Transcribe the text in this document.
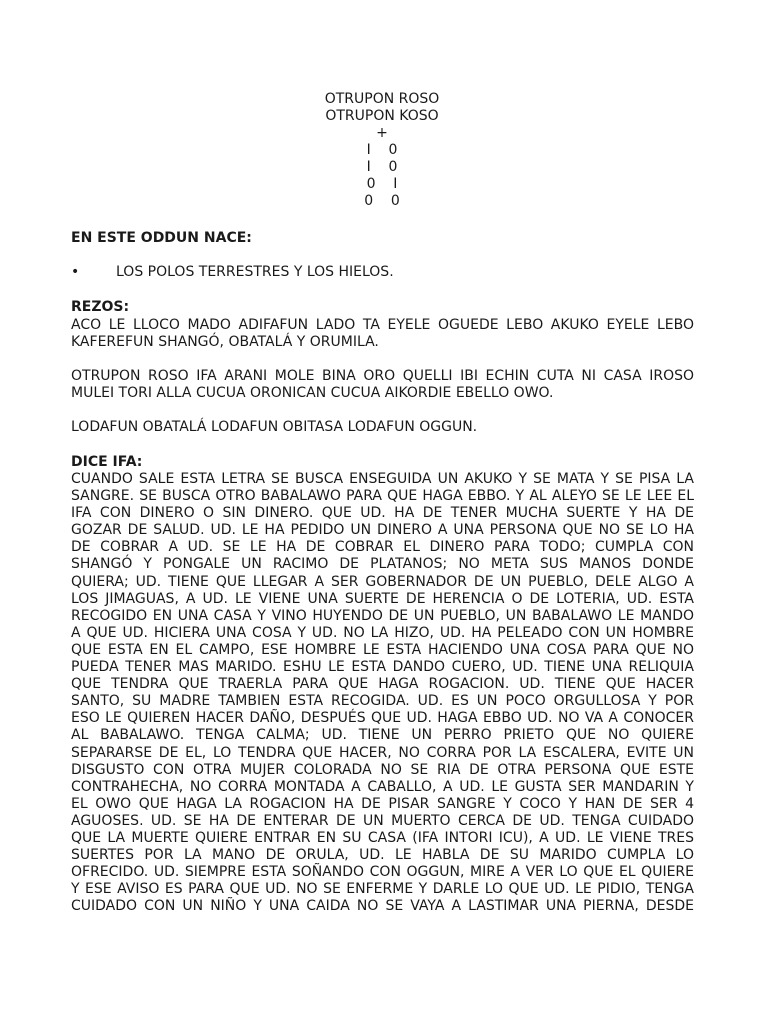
OTRUPON ROSO
OTRUPON KOSO
+
I    0
I    0
0    I
0    0
EN ESTE ODDUN NACE:
•	LOS POLOS TERRESTRES Y LOS HIELOS.
REZOS:
ACO LE LLOCO MADO ADIFAFUN LADO TA EYELE OGUEDE LEBO AKUKO EYELE LEBO
KAFEREFUN SHANGÓ, OBATALÁ Y ORUMILA.
OTRUPON ROSO IFA ARANI MOLE BINA ORO QUELLI IBI ECHIN CUTA NI CASA IROSO
MULEI TORI ALLA CUCUA ORONICAN CUCUA AIKORDIE EBELLO OWO.
LODAFUN OBATALÁ LODAFUN OBITASA LODAFUN OGGUN.
DICE IFA:
CUANDO SALE ESTA LETRA SE BUSCA ENSEGUIDA UN AKUKO Y SE MATA Y SE PISA LA
SANGRE. SE BUSCA OTRO BABALAWO PARA QUE HAGA EBBO. Y AL ALEYO SE LE LEE EL
IFA CON DINERO O SIN DINERO. QUE UD. HA DE TENER MUCHA SUERTE Y HA DE
GOZAR DE SALUD. UD. LE HA PEDIDO UN DINERO A UNA PERSONA QUE NO SE LO HA
DE COBRAR A UD. SE LE HA DE COBRAR EL DINERO PARA TODO; CUMPLA CON
SHANGÓ Y PONGALE UN RACIMO DE PLATANOS; NO META SUS MANOS DONDE
QUIERA; UD. TIENE QUE LLEGAR A SER GOBERNADOR DE UN PUEBLO, DELE ALGO A
LOS JIMAGUAS, A UD. LE VIENE UNA SUERTE DE HERENCIA O DE LOTERIA, UD. ESTA
RECOGIDO EN UNA CASA Y VINO HUYENDO DE UN PUEBLO, UN BABALAWO LE MANDO
A QUE UD. HICIERA UNA COSA Y UD. NO LA HIZO, UD. HA PELEADO CON UN HOMBRE
QUE ESTA EN EL CAMPO, ESE HOMBRE LE ESTA HACIENDO UNA COSA PARA QUE NO
PUEDA TENER MAS MARIDO. ESHU LE ESTA DANDO CUERO, UD. TIENE UNA RELIQUIA
QUE TENDRA QUE TRAERLA PARA QUE HAGA ROGACION. UD. TIENE QUE HACER
SANTO, SU MADRE TAMBIEN ESTA RECOGIDA. UD. ES UN POCO ORGULLOSA Y POR
ESO LE QUIEREN HACER DAÑO, DESPUÉS QUE UD. HAGA EBBO UD. NO VA A CONOCER
AL BABALAWO. TENGA CALMA; UD. TIENE UN PERRO PRIETO QUE NO QUIERE
SEPARARSE DE EL, LO TENDRA QUE HACER, NO CORRA POR LA ESCALERA, EVITE UN
DISGUSTO CON OTRA MUJER COLORADA NO SE RIA DE OTRA PERSONA QUE ESTE
CONTRAHECHA, NO CORRA MONTADA A CABALLO, A UD. LE GUSTA SER MANDARIN Y
EL OWO QUE HAGA LA ROGACION HA DE PISAR SANGRE Y COCO Y HAN DE SER 4
AGUOSES. UD. SE HA DE ENTERAR DE UN MUERTO CERCA DE UD. TENGA CUIDADO
QUE LA MUERTE QUIERE ENTRAR EN SU CASA (IFA INTORI ICU), A UD. LE VIENE TRES
SUERTES POR LA MANO DE ORULA, UD. LE HABLA DE SU MARIDO CUMPLA LO
OFRECIDO. UD. SIEMPRE ESTA SOÑANDO CON OGGUN, MIRE A VER LO QUE EL QUIERE
Y ESE AVISO ES PARA QUE UD. NO SE ENFERME Y DARLE LO QUE UD. LE PIDIO, TENGA
CUIDADO CON UN NIÑO Y UNA CAIDA NO SE VAYA A LASTIMAR UNA PIERNA, DESDE
